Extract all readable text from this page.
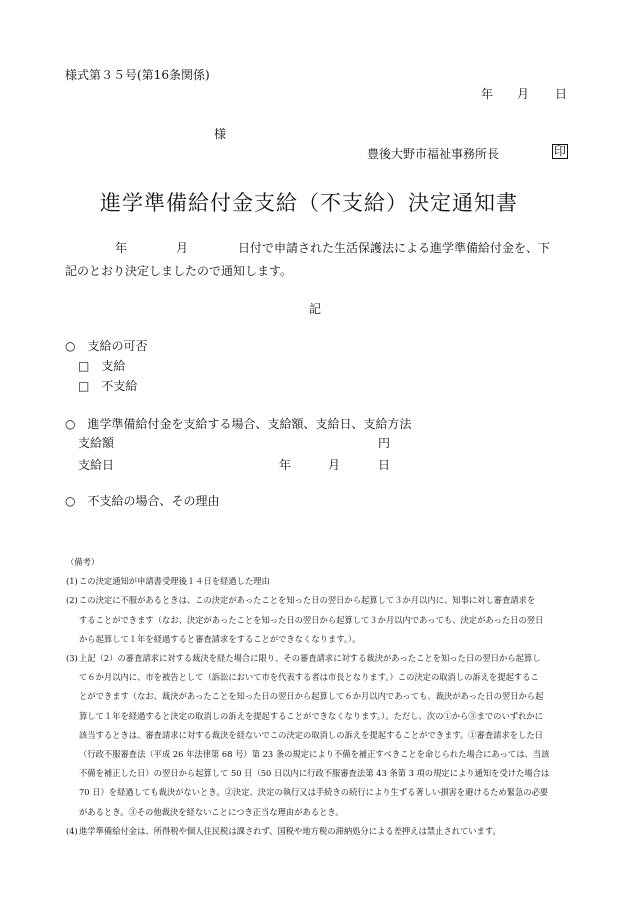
様式第３５号(第16条関係)
年 月 日
様
豊後大野市福祉事務所長	印
進学準備給付金支給（不支給）決定通知書
年	月	日付で申請された生活保護法による進学準備給付金を、下
記のとおり決定しましたので通知します。
記
○　支給の可否
□　支給
□　不支給
○　進学準備給付金を支給する場合、支給額、支給日、支給方法
支給額	円
支給日	年	月	日
○　不支給の場合、その理由
（備考）
(1) この決定通知が申請書受理後１４日を経過した理由
(2) この決定に不服があるときは、この決定があったことを知った日の翌日から起算して３か月以内に、知事に対し審査請求を
することができます（なお、決定があったことを知った日の翌日から起算して３か月以内であっても、決定があった日の翌日
から起算して１年を経過すると審査請求をすることができなくなります。）。
(3) 上記（2）の審査請求に対する裁決を経た場合に限り、その審査請求に対する裁決があったことを知った日の翌日から起算し
て６か月以内に、市を被告として（訴訟において市を代表する者は市長となります。）この決定の取消しの訴えを提起するこ
とができます（なお、裁決があったことを知った日の翌日から起算して６か月以内であっても、裁決があった日の翌日から起
算して１年を経過すると決定の取消しの訴えを提起することができなくなります。）。ただし、次の①から③までのいずれかに
該当するときは、審査請求に対する裁決を経ないでこの決定の取消しの訴えを提起することができます。①審査請求をした日
（行政不服審査法（平成 26 年法律第 68 号）第 23 条の規定により不備を補正すべきことを命じられた場合にあっては、当該
不備を補正した日）の翌日から起算して 50 日（50 日以内に行政不服審査法第 43 条第 3 項の規定により通知を受けた場合は
70 日）を経過しても裁決がないとき。②決定、決定の執行又は手続きの続行により生ずる著しい損害を避けるため緊急の必要
があるとき。③その他裁決を経ないことにつき正当な理由があるとき。
(4) 進学準備給付金は、所得税や個人住民税は課されず、国税や地方税の滞納処分による差押えは禁止されています。
